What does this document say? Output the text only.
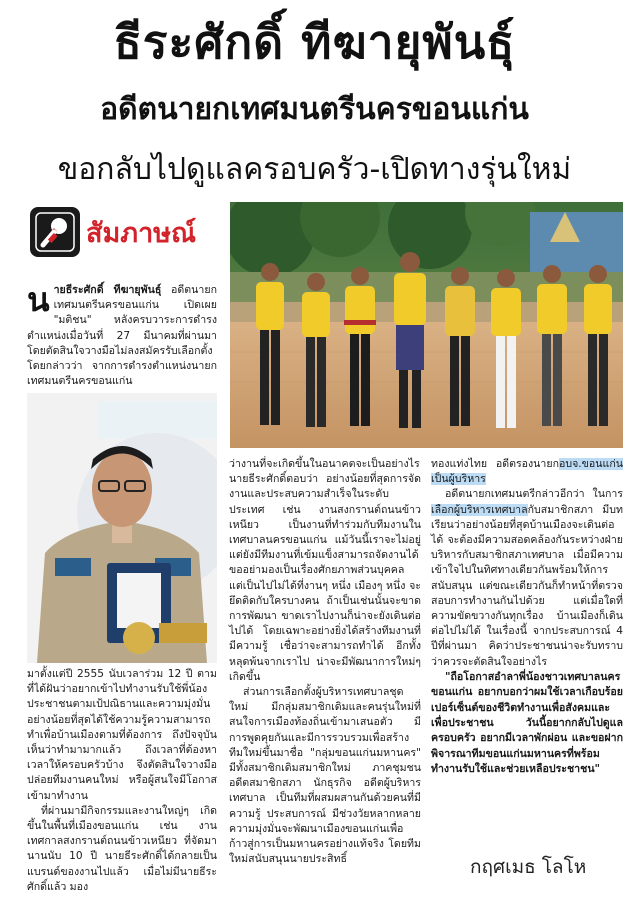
ธีระศักดิ์ ทีฆายุพันธุ์
อดีตนายกเทศมนตรีนครขอนแก่น
ขอกลับไปดูแลครอบครัว-เปิดทางรุ่นใหม่
สัมภาษณ์
นายธีระศักดิ์ ทีฆายุพันธุ์ อดีตนายกเทศมนตรีนครขอนแก่น เปิดเผย "มติชน" หลังครบวาระการดำรงตำแหน่งเมื่อวันที่ 27 มีนาคมที่ผ่านมา โดยตัดสินใจวางมือไม่ลงสมัครรับเลือกตั้ง โดยกล่าวว่า จากการดำรงตำแหน่งนายกเทศมนตรีนครขอนแก่น

มาตั้งแต่ปี 2555 นับเวลาร่วม 12 ปี ตามที่ได้ฝันว่าอยากเข้าไปทำงานรับใช้พี่น้องประชาชนตามเป้ปณิธานและความมุ่งมั่น อย่างน้อยที่สุดได้ใช้ความรู้ความสามารถทำเพื่อบ้านเมืองตามที่ต้องการ ถึงปัจจุบันเห็นว่าทำมามากแล้ว ถึงเวลาที่ต้องหาเวลาให้ครอบครัวบ้าง จึงตัดสินใจวางมือปล่อยทีมงานคนใหม่ หรือผู้สนใจมีโอกาสเข้ามาทำงาน

ที่ผ่านมามีกิจกรรมและงานใหญ่ๆ เกิดขึ้นในพื้นที่เมืองขอนแก่น เช่น งานเทศกาลสงกรานต์ถนนข้าวเหนียว ที่จัดมานานนับ 10 ปี นายธีระศักดิ์ได้กลายเป็นแบรนด์ของงานไปแล้ว เมื่อไม่มีนายธีระศักดิ์แล้ว มอง

ว่างานที่จะเกิดขึ้นในอนาคตจะเป็นอย่างไร นายธีระศักดิ์ตอบว่า อย่างน้อยที่สุดการจัดงานและประสบความสำเร็จในระดับประเทศ เช่น งานสงกรานต์ถนนข้าวเหนียว เป็นงานที่ทำร่วมกับทีมงานในเทศบาลนครขอนแก่น แม้วันนี้เราจะไม่อยู่ แต่ยังมีทีมงานที่เข้มแข็งสามารถจัดงานได้ ขออย่ามองเป็นเรื่องศักยภาพส่วนบุคคล แต่เป็นไปไม่ได้ที่งานๆ หนึ่ง เมืองๆ หนึ่ง จะยึดติดกับใครบางคน ถ้าเป็นเช่นนั้นจะขาดการพัฒนา ขาดเราไปงานก็น่าจะยังเดินต่อไปได้ โดยเฉพาะอย่างยิ่งได้สร้างทีมงานที่มีความรู้ เชื่อว่าจะสามารถทำได้ อีกทั้งหลุดพ้นจากเราไป น่าจะมีพัฒนาการใหม่ๆ เกิดขึ้น

ส่วนการเลือกตั้งผู้บริหารเทศบาลชุดใหม่ มีกลุ่มสมาชิกเดิมและคนรุ่นใหม่ที่สนใจการเมืองท้องถิ่นเข้ามาเสนอตัว มีการพูดคุยกันและมีการรวบรวมเพื่อสร้างทีมใหม่ขึ้นมาชื่อ "กลุ่มขอนแก่นมหานคร" มีทั้งสมาชิกเดิมสมาชิกใหม่ ภาคชุมชน อดีตสมาชิกสภา นักธุรกิจ อดีตผู้บริหารเทศบาล เป็นทีมที่ผสมผสานกันด้วยคนที่มีความรู้ ประสบการณ์ มีช่วงวัยหลากหลาย ความมุ่งมั่นจะพัฒนาเมืองขอนแก่นเพื่อก้าวสู่การเป็นมหานครอย่างแท้จริง โดยทีมใหม่สนับสนุนนายประสิทธิ์

ทองแท่งไทย อดีตรองนายกอบจ.ขอนแก่น เป็นผู้บริหาร

อดีตนายกเทศมนตรีกล่าวอีกว่า ในการเลือกผู้บริหารเทศบาลกับสมาชิกสภา มีบทเรียนว่าอย่างน้อยที่สุดบ้านเมืองจะเดินต่อได้ จะต้องมีความสอดคล้องกันระหว่างฝ่ายบริหารกับสมาชิกสภาเทศบาล เมื่อมีความเข้าใจไปในทิศทางเดียวกันพร้อมให้การสนับสนุน แต่ขณะเดียวกันก็ทำหน้าที่ตรวจสอบการทำงานกันไปด้วย แต่เมื่อใดที่ความขัดขวางกันทุกเรื่อง บ้านเมืองก็เดินต่อไปไม่ได้ ในเรื่องนี้ จากประสบการณ์ 4 ปีที่ผ่านมา คิดว่าประชาชนน่าจะรับทราบว่าควรจะตัดสินใจอย่างไร

"ถือโอกาสอำลาพี่น้องชาวเทศบาลนครขอนแก่น อยากบอกว่าผมใช้เวลาเกือบร้อยเปอร์เซ็นต์ของชีวิตทำงานเพื่อสังคมและเพื่อประชาชน วันนี้อยากกลับไปดูแลครอบครัว อยากมีเวลาพักผ่อน และขอฝากพิจารณาทีมขอนแก่นมหานครที่พร้อมทำงานรับใช้และช่วยเหลือประชาชน"

กฤศเมธ โลโห
